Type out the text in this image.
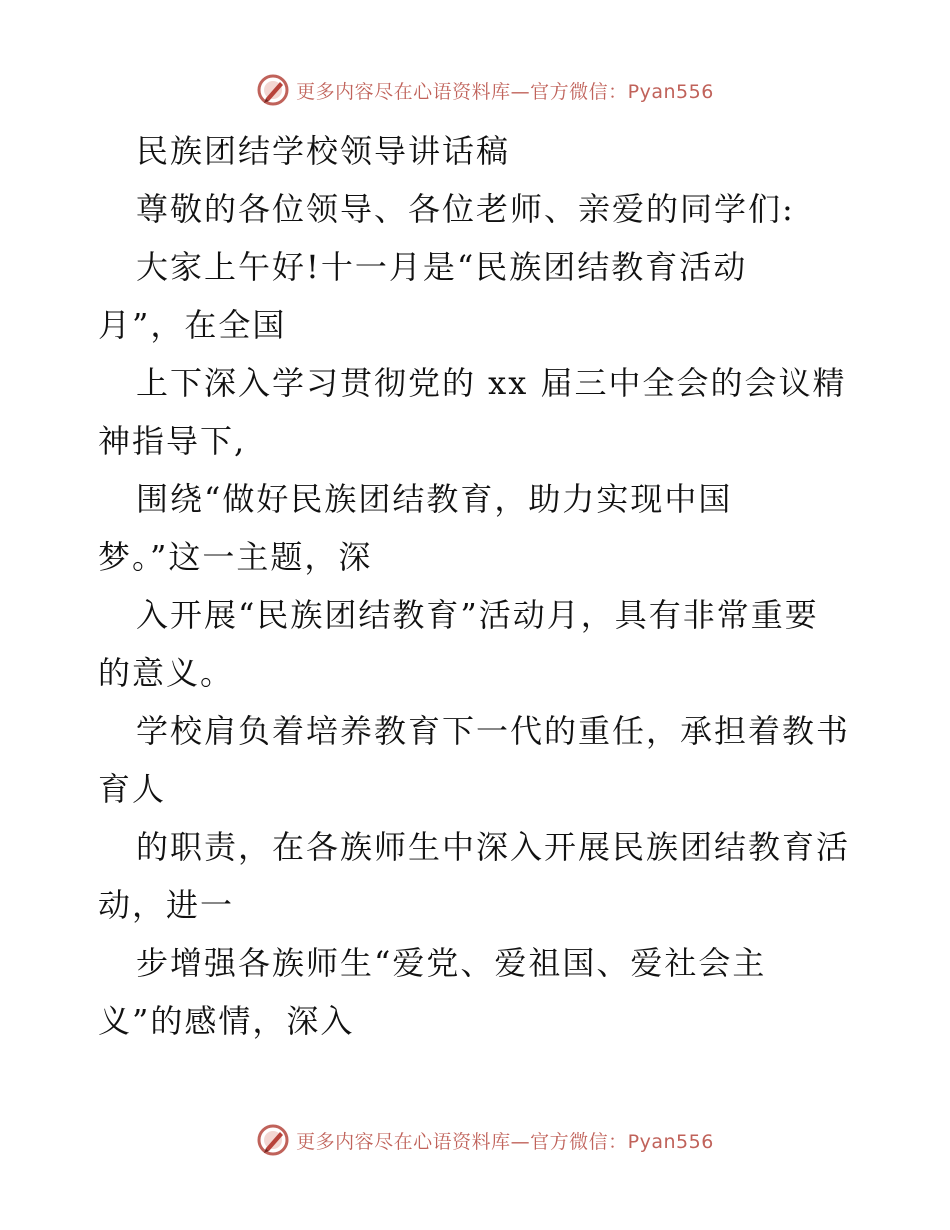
更多内容尽在心语资料库—官方微信：Pyan556
民族团结学校领导讲话稿
尊敬的各位领导、各位老师、亲爱的同学们:
大家上午好!十一月是“民族团结教育活动
月”，在全国
上下深入学习贯彻党的 xx 届三中全会的会议精
神指导下,
围绕“做好民族团结教育，助力实现中国
梦。”这一主题，深
入开展“民族团结教育”活动月，具有非常重要
的意义。
学校肩负着培养教育下一代的重任，承担着教书
育人
的职责，在各族师生中深入开展民族团结教育活
动，进一
步增强各族师生“爱党、爱祖国、爱社会主
义”的感情，深入
更多内容尽在心语资料库—官方微信：Pyan556
